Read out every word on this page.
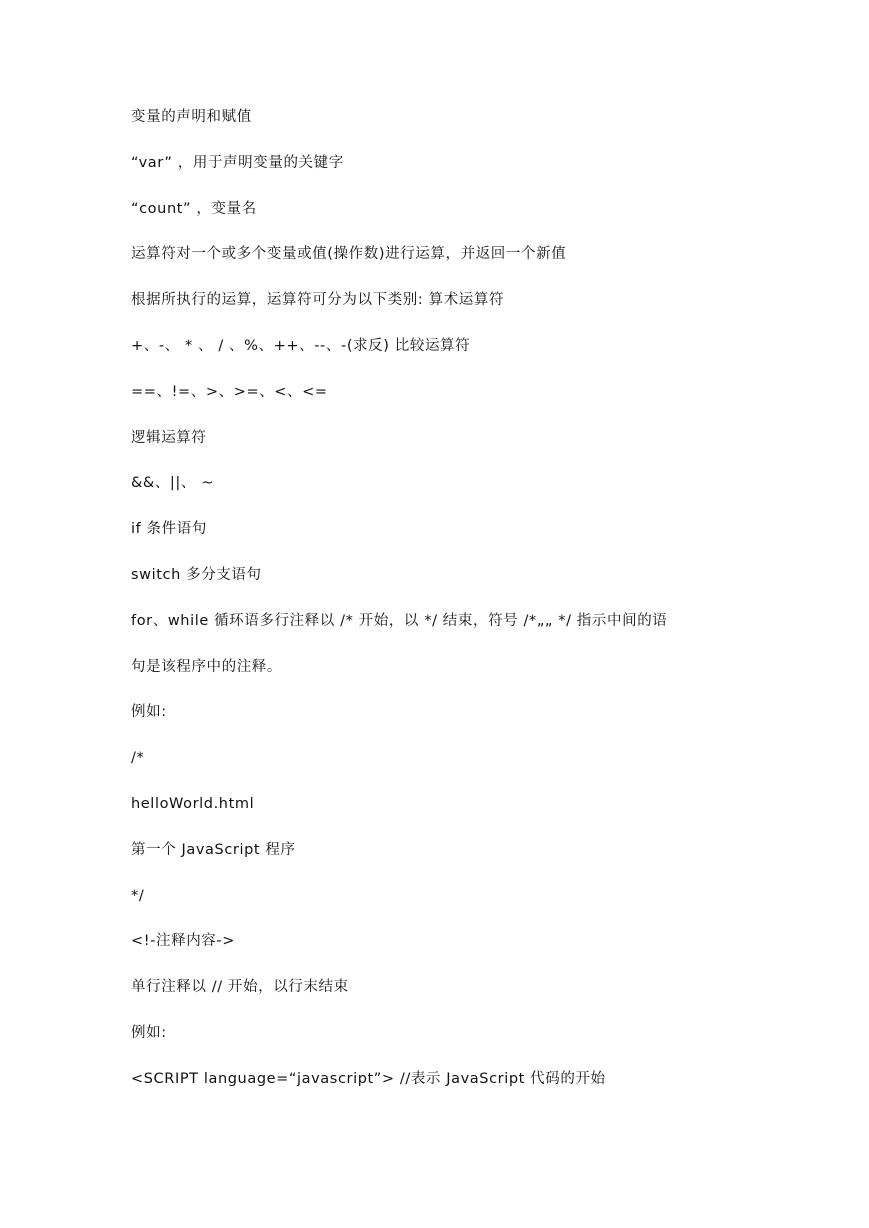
变量的声明和赋值
“var” ，用于声明变量的关键字
“count” ，变量名
运算符对一个或多个变量或值(操作数)进行运算，并返回一个新值
根据所执行的运算，运算符可分为以下类别: 算术运算符
+、-、 * 、 / 、%、++、--、-(求反) 比较运算符
==、!=、>、>=、<、<=
逻辑运算符
&&、||、 ~
if 条件语句
switch 多分支语句
for、while 循环语多行注释以 /* 开始，以 */ 结束，符号 /*„„ */ 指示中间的语
句是该程序中的注释。
例如:
/*
helloWorld.html
第一个 JavaScript 程序
*/
<!-注释内容->
单行注释以 // 开始，以行末结束
例如:
<SCRIPT language=“javascript”> //表示 JavaScript 代码的开始
